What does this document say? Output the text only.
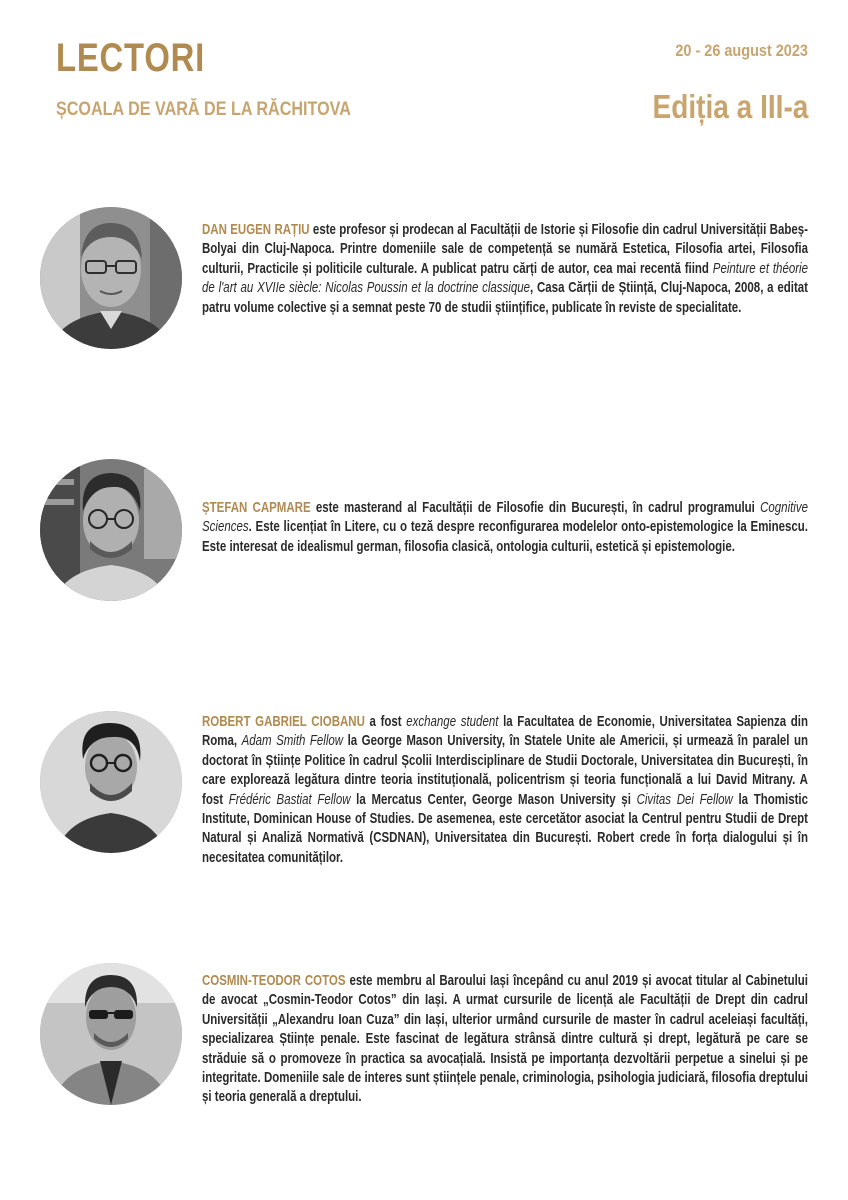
LECTORI
ȘCOALA DE VARĂ DE LA RĂCHITOVA
20 - 26 august 2023
Ediția a III-a
DAN EUGEN RAȚIU este profesor și prodecan al Facultății de Istorie și Filosofie din cadrul Universității Babeș-Bolyai din Cluj-Napoca. Printre domeniile sale de competență se numără Estetica, Filosofia artei, Filosofia culturii, Practicile și politicile culturale. A publicat patru cărți de autor, cea mai recentă fiind Peinture et théorie de l'art au XVIIe siècle: Nicolas Poussin et la doctrine classique, Casa Cărții de Știință, Cluj-Napoca, 2008, a editat patru volume colective și a semnat peste 70 de studii științifice, publicate în reviste de specialitate.
ȘTEFAN CAPMARE este masterand al Facultății de Filosofie din București, în cadrul programului Cognitive Sciences. Este licențiat în Litere, cu o teză despre reconfigurarea modelelor onto-epistemologice la Eminescu. Este interesat de idealismul german, filosofia clasică, ontologia culturii, estetică și epistemologie.
ROBERT GABRIEL CIOBANU a fost exchange student la Facultatea de Economie, Universitatea Sapienza din Roma, Adam Smith Fellow la George Mason University, în Statele Unite ale Americii, și urmează în paralel un doctorat în Științe Politice în cadrul Școlii Interdisciplinare de Studii Doctorale, Universitatea din București, în care explorează legătura dintre teoria instituțională, policentrism și teoria funcțională a lui David Mitrany. A fost Frédéric Bastiat Fellow la Mercatus Center, George Mason University și Civitas Dei Fellow la Thomistic Institute, Dominican House of Studies. De asemenea, este cercetător asociat la Centrul pentru Studii de Drept Natural și Analiză Normativă (CSDNAN), Universitatea din București. Robert crede în forța dialogului și în necesitatea comunităților.
COSMIN-TEODOR COTOS este membru al Baroului Iași începând cu anul 2019 și avocat titular al Cabinetului de avocat „Cosmin-Teodor Cotos” din Iași. A urmat cursurile de licență ale Facultății de Drept din cadrul Universității „Alexandru Ioan Cuza” din Iași, ulterior urmând cursurile de master în cadrul aceleiași facultăți, specializarea Științe penale. Este fascinat de legătura strânsă dintre cultură și drept, legătură pe care se străduie să o promoveze în practica sa avocațială. Insistă pe importanța dezvoltării perpetue a sinelui și pe integritate. Domeniile sale de interes sunt științele penale, criminologia, psihologia judiciară, filosofia dreptului și teoria generală a dreptului.
